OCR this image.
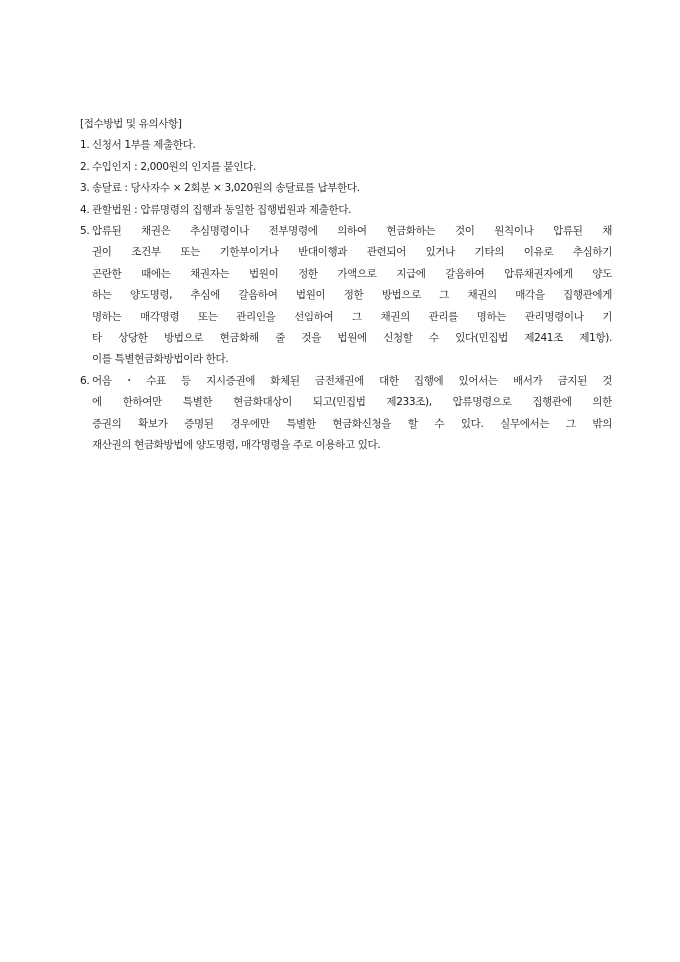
[접수방법 및 유의사항]
1. 신청서 1부를 제출한다.
2. 수입인지 : 2,000원의 인지를 붙인다.
3. 송달료 : 당사자수 × 2회분 × 3,020원의 송달료를 납부한다.
4. 관할법원 : 압류명령의 집행과 동일한 집행법원과 제출한다.
5. 압류된 채권은 추심명령이나 전부명령에 의하여 현금화하는 것이 원칙이나 압류된 채
권이 조건부 또는 기한부이거나 반대이행과 관련되어 있거나 기타의 이유로 추심하기
곤란한 때에는 채권자는 법원이 정한 가액으로 지급에 갈음하여 압류채권자에게 양도
하는 양도명령, 추심에 갈음하여 법원이 정한 방법으로 그 채권의 매각을 집행관에게
명하는 매각명령 또는 관리인을 선임하여 그 채권의 관리를 명하는 관리명령이나 기
타 상당한 방법으로 현금화해 줄 것을 법원에 신청할 수 있다(민집법 제241조 제1항).
이를 특별현금화방법이라 한다.
6. 어음・수표 등 지시증권에 화체된 금전채권에 대한 집행에 있어서는 배서가 금지된 것
에 한하여만 특별한 현금화대상이 되고(민집법 제233조), 압류명령으로 집행관에 의한
증권의 확보가 증명된 경우에만 특별한 현금화신청을 할 수 있다. 실무에서는 그 밖의
재산권의 현금화방법에 양도명령, 매각명령을 주로 이용하고 있다.
